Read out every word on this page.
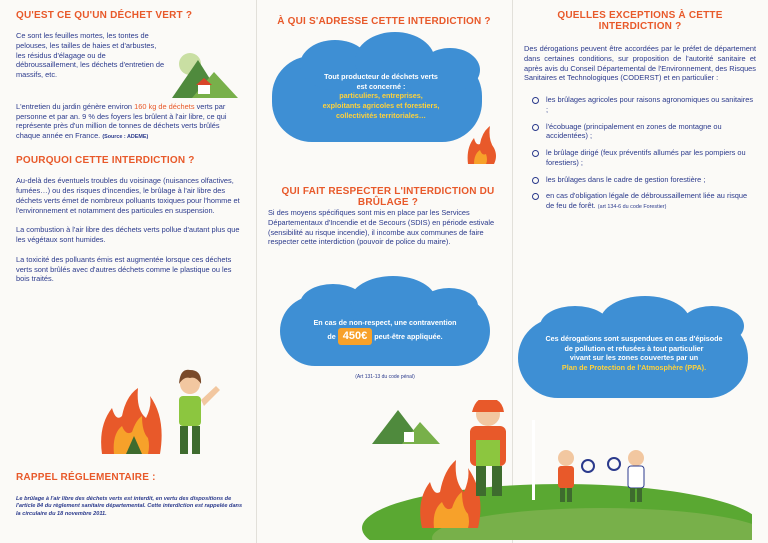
QU'EST CE QU'UN DÉCHET VERT ?

Ce sont les feuilles mortes, les tontes de pelouses, les tailles de haies et d'arbustes, les résidus d'élagage ou de débroussaillement, les déchets d'entretien de massifs, etc.

L'entretien du jardin génère environ 160 kg de déchets verts par personne et par an. 9 % des foyers les brûlent à l'air libre, ce qui représente près d'un million de tonnes de déchets verts brûlés chaque année en France. (Source : ADEME)

POURQUOI CETTE INTERDICTION ?

Au-delà des éventuels troubles du voisinage (nuisances olfactives, fumées…) ou des risques d'incendies, le brûlage à l'air libre des déchets verts émet de nombreux polluants toxiques pour l'homme et l'environnement et notamment des particules en suspension.

La combustion à l'air libre des déchets verts pollue d'autant plus que les végétaux sont humides.

La toxicité des polluants émis est augmentée lorsque ces déchets verts sont brûlés avec d'autres déchets comme le plastique ou les bois traités.

RAPPEL RÉGLEMENTAIRE :

Le brûlage à l'air libre des déchets verts est interdit, en vertu des dispositions de l'article 84 du règlement sanitaire départemental. Cette interdiction est rappelée dans la circulaire du 18 novembre 2011.

À QUI S'ADRESSE CETTE INTERDICTION ?
Tout producteur de déchets verts
est concerné :
particuliers, entreprises,
exploitants agricoles et forestiers,
collectivités territoriales…
QUI FAIT RESPECTER L'INTERDICTION DU BRÛLAGE ?

Si des moyens spécifiques sont mis en place par les Services Départementaux d'Incendie et de Secours (SDIS) en période estivale (sensibilité au risque incendie), il incombe aux communes de faire respecter cette interdiction (pouvoir de police du maire).

En cas de non-respect, une contravention
de 450€ peut-être appliquée.
(Art 131-13 du code pénal)
QUELLES EXCEPTIONS À CETTE INTERDICTION ?

Des dérogations peuvent être accordées par le préfet de département dans certaines conditions, sur proposition de l'autorité sanitaire et après avis du Conseil Départemental de l'Environnement, des Risques Sanitaires et Technologiques (CODERST) et en particulier :

les brûlages agricoles pour raisons agronomiques ou sanitaires ;

l'écobuage (principalement en zones de montagne ou accidentées) ;

le brûlage dirigé (feux préventifs allumés par les pompiers ou forestiers) ;

les brûlages dans le cadre de gestion forestière ;

en cas d'obligation légale de débroussaillement liée au risque de feu de forêt. (art 134-6 du code Forestier)

Ces dérogations sont suspendues en cas d'épisode
de pollution et refusées à tout particulier
vivant sur les zones couvertes par un
Plan de Protection de l'Atmosphère (PPA).
